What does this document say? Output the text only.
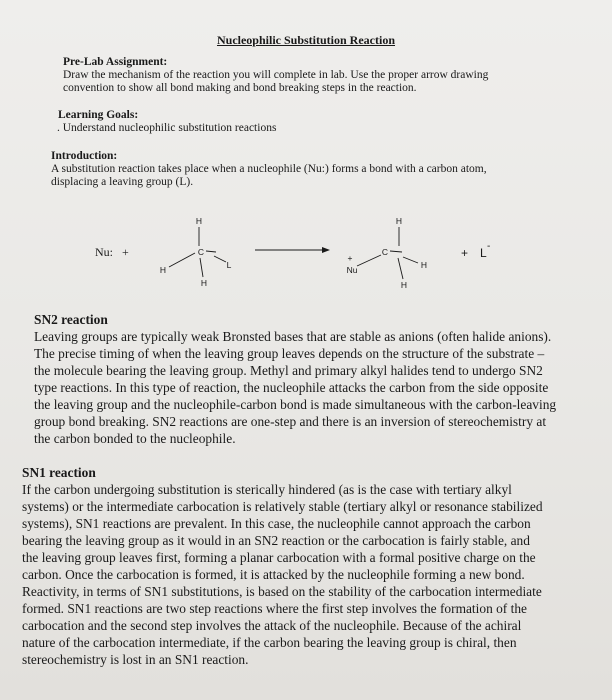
Nucleophilic Substitution Reaction
Pre-Lab Assignment:
Draw the mechanism of the reaction you will complete in lab. Use the proper arrow drawing
convention to show all bond making and bond breaking steps in the reaction.
Learning Goals:
. Understand nucleophilic substitution reactions
Introduction:
A substitution reaction takes place when a nucleophile (Nu:) forms a bond with a carbon atom,
displacing a leaving group (L).
Nu: +
H
C
L
H
H
H
C
H
+
Nu
H
+ L -
SN2 reaction
Leaving groups are typically weak Bronsted bases that are stable as anions (often halide anions).
The precise timing of when the leaving group leaves depends on the structure of the substrate –
the molecule bearing the leaving group. Methyl and primary alkyl halides tend to undergo SN2
type reactions. In this type of reaction, the nucleophile attacks the carbon from the side opposite
the leaving group and the nucleophile-carbon bond is made simultaneous with the carbon-leaving
group bond breaking. SN2 reactions are one-step and there is an inversion of stereochemistry at
the carbon bonded to the nucleophile.
SN1 reaction
If the carbon undergoing substitution is sterically hindered (as is the case with tertiary alkyl
systems) or the intermediate carbocation is relatively stable (tertiary alkyl or resonance stabilized
systems), SN1 reactions are prevalent. In this case, the nucleophile cannot approach the carbon
bearing the leaving group as it would in an SN2 reaction or the carbocation is fairly stable, and
the leaving group leaves first, forming a planar carbocation with a formal positive charge on the
carbon. Once the carbocation is formed, it is attacked by the nucleophile forming a new bond.
Reactivity, in terms of SN1 substitutions, is based on the stability of the carbocation intermediate
formed. SN1 reactions are two step reactions where the first step involves the formation of the
carbocation and the second step involves the attack of the nucleophile. Because of the achiral
nature of the carbocation intermediate, if the carbon bearing the leaving group is chiral, then
stereochemistry is lost in an SN1 reaction.
